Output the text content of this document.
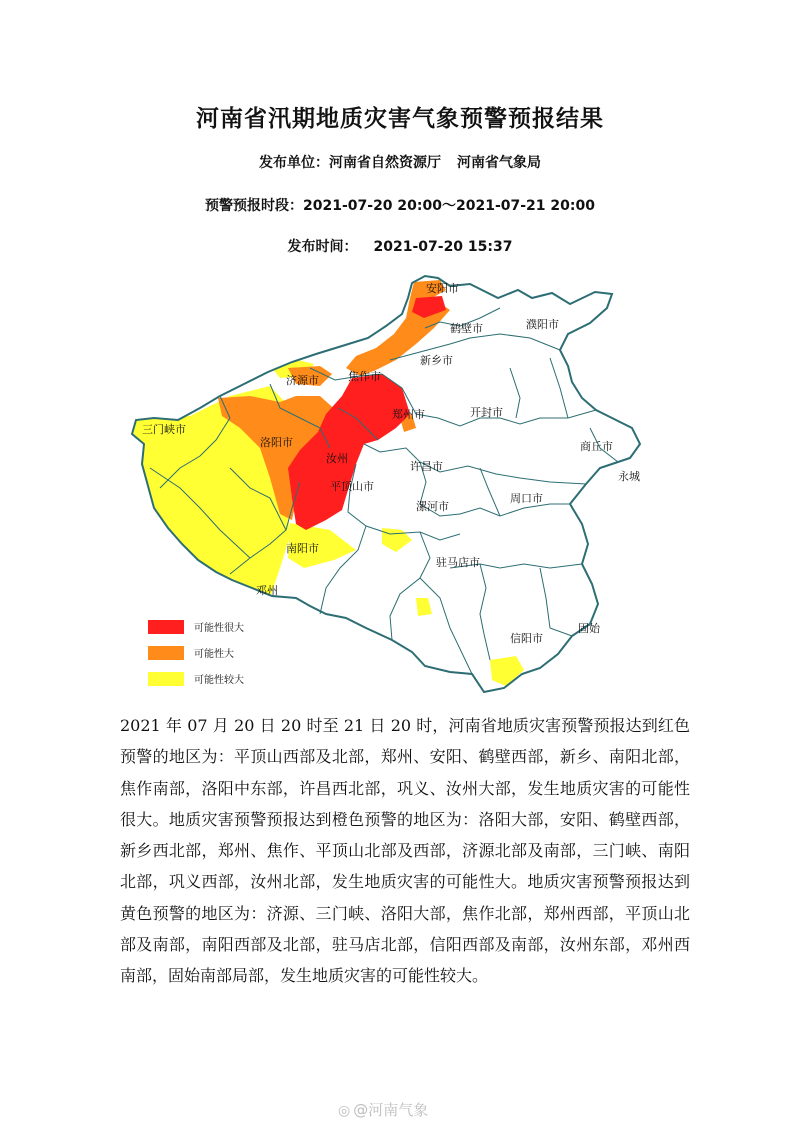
河南省汛期地质灾害气象预警预报结果
发布单位：河南省自然资源厅 河南省气象局
预警预报时段：2021-07-20 20:00～2021-07-21 20:00
发布时间： 2021-07-20 15:37
安阳市
鹤壁市	濮阳市
新乡市
焦作市
济源市
三门峡市
洛阳市
郑州市	开封市
商丘市
永城
许昌市
漯河市
周口市
平顶山市
南阳市
驻马店市
邓州
信阳市
固始
汝州
可能性很大
可能性大
可能性较大
2021 年 07 月 20 日 20 时至 21 日 20 时，河南省地质灾害预警预报达到红色预警的地区为：平顶山西部及北部，郑州、安阳、鹤壁西部，新乡、南阳北部，焦作南部，洛阳中东部，许昌西北部，巩义、汝州大部，发生地质灾害的可能性很大。地质灾害预警预报达到橙色预警的地区为：洛阳大部，安阳、鹤壁西部，新乡西北部，郑州、焦作、平顶山北部及西部，济源北部及南部，三门峡、南阳北部，巩义西部，汝州北部，发生地质灾害的可能性大。地质灾害预警预报达到黄色预警的地区为：济源、三门峡、洛阳大部，焦作北部，郑州西部，平顶山北部及南部，南阳西部及北部，驻马店北部，信阳西部及南部，汝州东部，邓州西南部，固始南部局部，发生地质灾害的可能性较大。
◎ @河南气象
